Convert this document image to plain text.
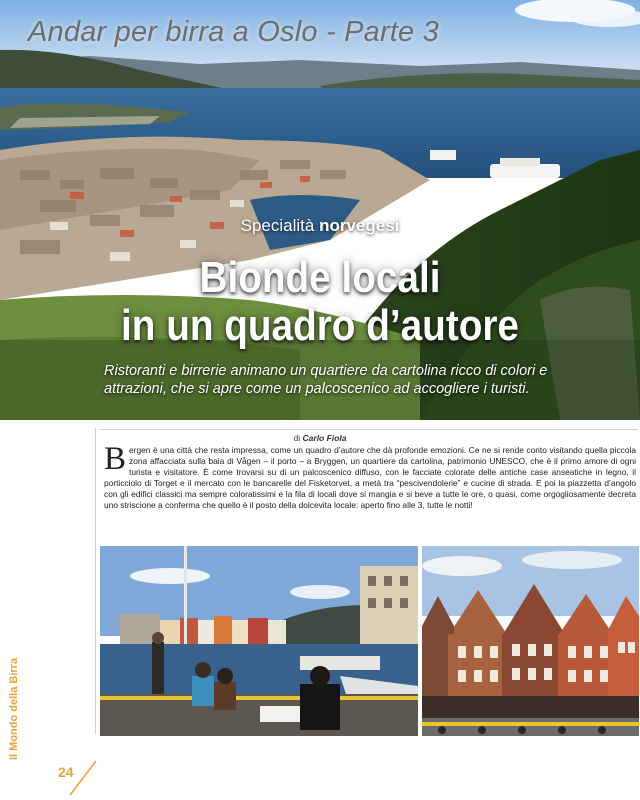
Andar per birra a Oslo - Parte 3
Specialità norvegesi
Bionde locali
in un quadro d’autore
Ristoranti e birrerie animano un quartiere da cartolina ricco di colori e attrazioni, che si apre come un palcoscenico ad accogliere i turisti.
di Carlo Fiola
B ergen è una città che resta impressa, come un quadro d’autore che dà profonde emozioni. Ce ne si rende conto visitando quella piccola zona affacciata sulla baia di Vågen – il porto – a Bryggen, un quartiere da cartolina, patrimonio UNESCO, che è il primo amore di ogni turista e visitatore. È come trovarsi su di un palcoscenico diffuso, con le facciate colorate delle antiche case anseatiche in legno, il porticciolo di Torget e il mercato con le bancarelle del Fisketorvet, a metà tra “pescivendolerie” e cucine di strada. E poi la piazzetta d’angolo con gli edifici classici ma sempre coloratissimi e la fila di locali dove si mangia e si beve a tutte le ore, o quasi, come orgogliosamente decreta uno striscione a conferma che quello è il posto della dolcevita locale: aperto fino alle 3, tutte le notti!
Il Mondo della Birra
24
